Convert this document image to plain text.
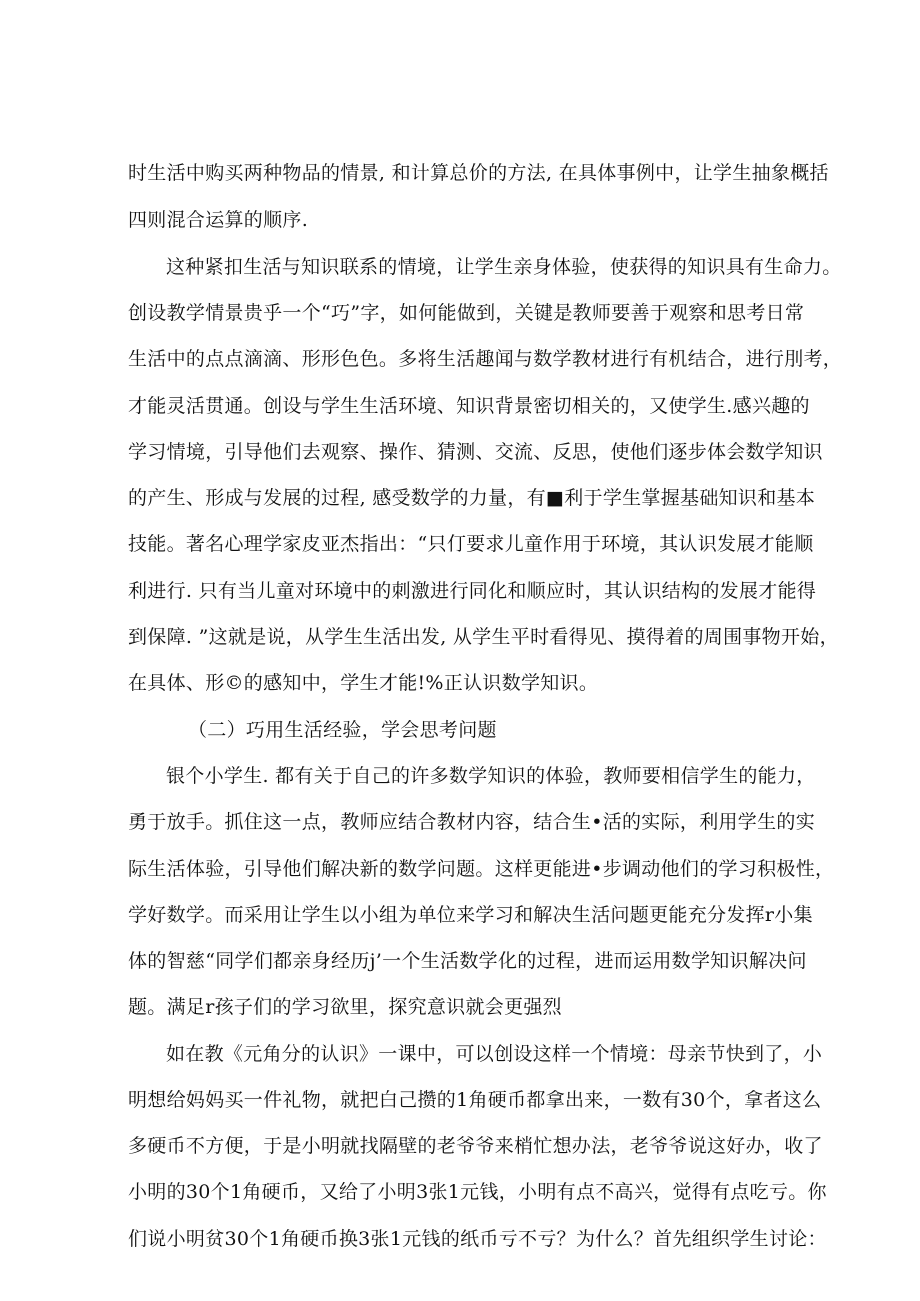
时生活中购买两种物品的情景, 和计算总价的方法, 在具体事例中，让学生抽象概括
四则混合运算的顺序.
这种紧扣生活与知识联系的情境，让学生亲身体验，使获得的知识具有生命力。
创设教学情景贵乎一个“巧”字，如何能做到，关键是教师要善于观察和思考日常
生活中的点点滴滴、形形色色。多将生活趣闻与数学教材进行有机结合，进行刖考，
才能灵活贯通。创设与学生生活环境、知识背景密切相关的，又使学生.感兴趣的
学习情境，引导他们去观察、操作、猜测、交流、反思，使他们逐步体会数学知识
的产生、形成与发展的过程, 感受数学的力量，有■利于学生掌握基础知识和基本
技能。著名心理学家皮亚杰指出：“只仃要求儿童作用于环境，其认识发展才能顺
利进行. 只有当儿童对环境中的刺激进行同化和顺应时，其认识结构的发展才能得
到保障. ”这就是说，从学生生活出发, 从学生平时看得见、摸得着的周围事物开始，
在具体、形©的感知中，学生才能!%正认识数学知识。
（二）巧用生活经验，学会思考问题
银个小学生. 都有关于自己的许多数学知识的体验，教师要相信学生的能力，
勇于放手。抓住这一点，教师应结合教材内容，结合生•活的实际，利用学生的实
际生活体验，引导他们解决新的数学问题。这样更能进•步调动他们的学习积极性，
学好数学。而采用让学生以小组为单位来学习和解决生活问题更能充分发挥r小集
体的智慈“同学们都亲身经历j’一个生活数学化的过程，进而运用数学知识解决问
题。满足r孩子们的学习欲里，探究意识就会更强烈
如在教《元角分的认识》一课中，可以创设这样一个情境：母亲节快到了，小
明想给妈妈买一件礼物，就把白己攒的1角硬币都拿出来，一数有30个，拿者这么
多硬币不方便，于是小明就找隔壁的老爷爷来梢忙想办法，老爷爷说这好办，收了
小明的30个1角硬币，又给了小明3张1元钱，小明有点不高兴，觉得有点吃亏。你
们说小明贫30个1角硬币换3张1元钱的纸币亏不亏？为什么？首先组织学生讨论：
